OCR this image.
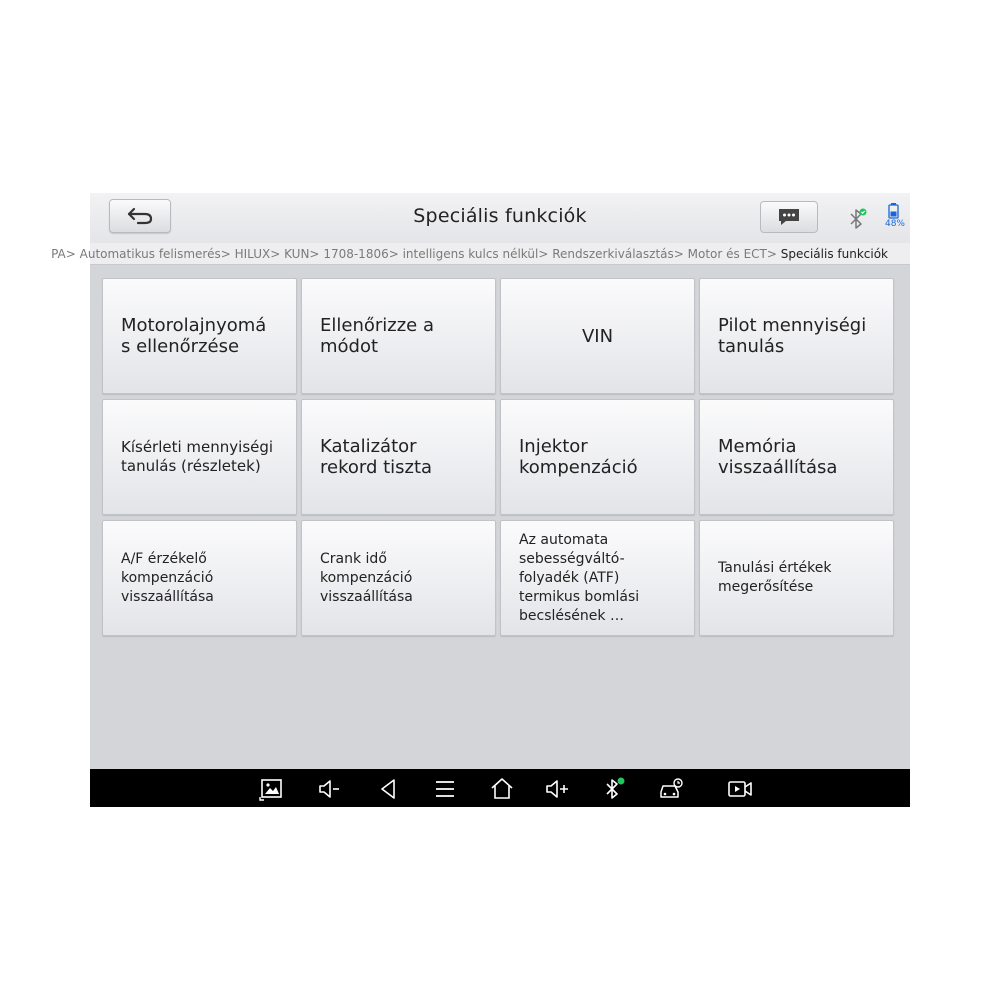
Speciális funkciók	48%
PA> Automatikus felismerés> HILUX> KUN> 1708-1806> intelligens kulcs nélkül> Rendszerkiválasztás> Motor és ECT> Speciális funkciók
Motorolajnyomá
s ellenőrzése
Ellenőrizze a
módot	VIN	Pilot mennyiségi
tanulás
Kísérleti mennyiségi
tanulás (részletek)
Katalizátor
rekord tiszta
Injektor
kompenzáció
Memória
visszaállítása
A/F érzékelő
kompenzáció
visszaállítása
Crank idő
kompenzáció
visszaállítása
Az automata
sebességváltó-
folyadék (ATF)
termikus bomlási
becslésének …
Tanulási értékek
megerősítése
